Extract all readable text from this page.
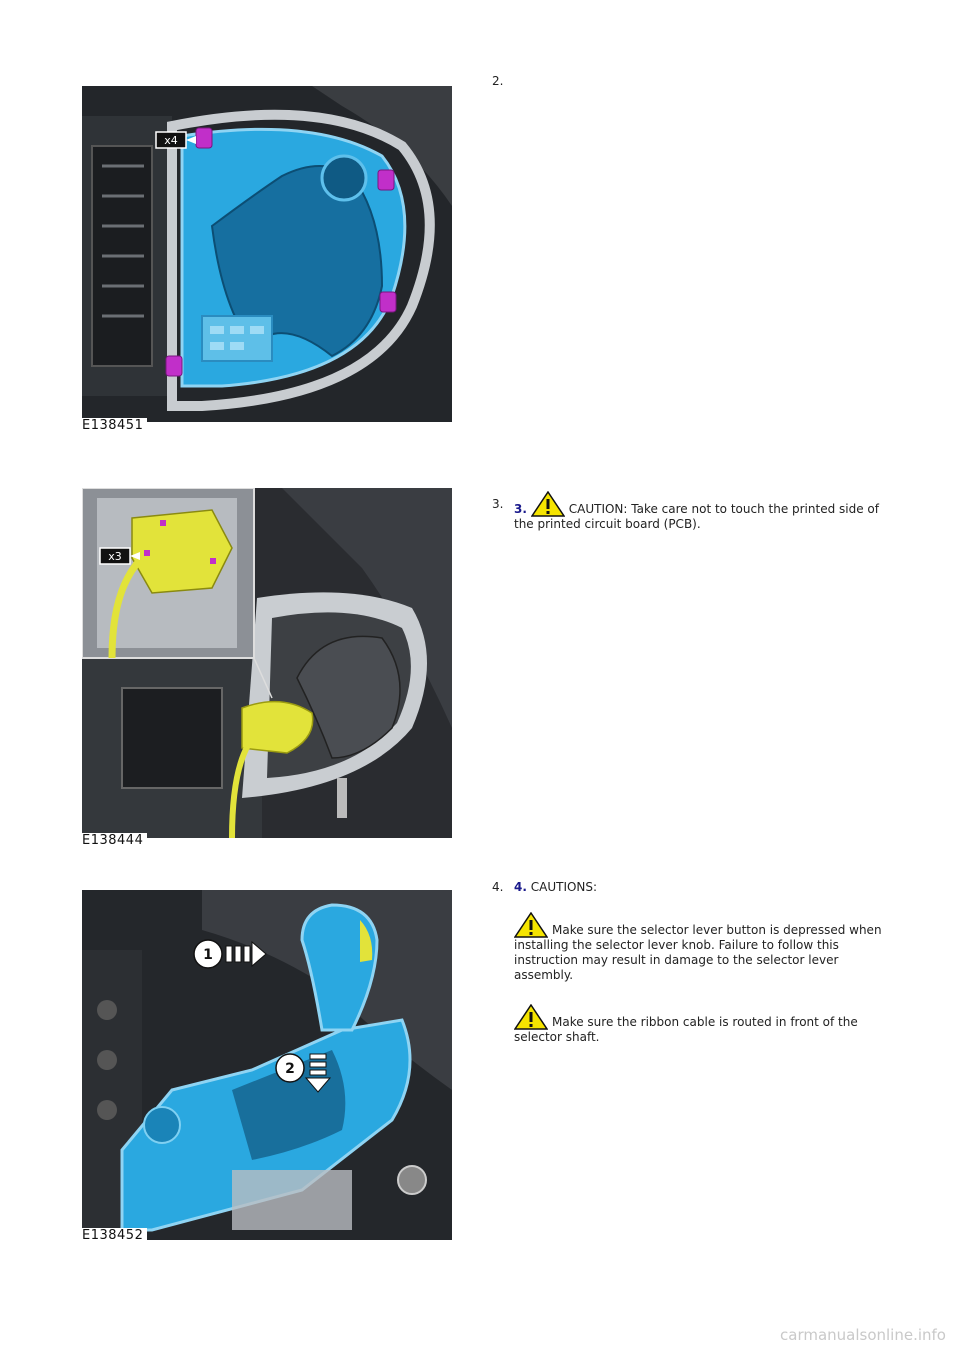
2.
x4
E138451
3. 3.	CAUTION: Take care not to touch the printed side of the printed circuit board (PCB).
x3
E138444
4. 4. CAUTIONS:
Make sure the selector lever button is depressed when installing the selector lever knob. Failure to follow this instruction may result in damage to the selector lever assembly.
Make sure the ribbon cable is routed in front of the selector shaft.
1
2
E138452
carmanualsonline.info
